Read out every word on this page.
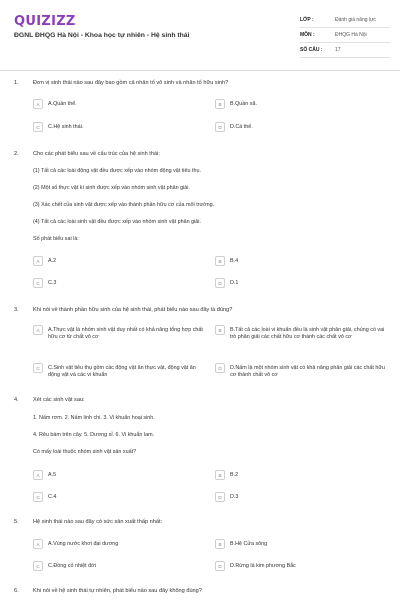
QUIZIZZ
ĐGNL ĐHQG Hà Nội - Khoa học tự nhiên - Hệ sinh thái
LỚP :	Đánh giá năng lực
MÔN :	ĐHQG Hà Nội
SỐ CÂU :	17
1.	Đơn vị sinh thái nào sau đây bao gồm cả nhân tố vô sinh và nhân tố hữu sinh?
A	A.Quần thể.	B	B.Quần xã.
C	C.Hệ sinh thái.	D	D.Cá thể.
2.	Cho các phát biểu sau về cấu trúc của hệ sinh thái:
(1) Tất cả các loài động vật đều được xếp vào nhóm động vật tiêu thụ.
(2) Một số thực vật kí sinh được xếp vào nhóm sinh vật phân giải.
(3) Xác chết của sinh vật được xếp vào thành phần hữu cơ của môi trường.
(4) Tất cả các loài sinh vật đều được xếp vào nhóm sinh vật phân giải.
Số phát biểu sai là:
A	A.2	B	B.4
C	C.3	D	D.1
3.	Khi nói về thành phần hữu sinh của hệ sinh thái, phát biểu nào sau đây là đúng?
A	A.Thực vật là nhóm sinh vật duy nhất có khả năng tổng hợp chất hữu cơ từ chất vô cơ
B	B.Tất cả các loài vi khuẩn đều là sinh vật phân giải, chúng có vai trò phân giải các chất hữu cơ thành các chất vô cơ
C	C.Sinh vật tiêu thụ gồm các động vật ăn thực vật, động vật ăn động vật và các vi khuẩn
D	D.Nấm là một nhóm sinh vật có khả năng phân giải các chất hữu cơ thành chất vô cơ
4.	Xét các sinh vật sau:
1. Nấm rơm. 2. Nấm linh chi. 3. Vi khuẩn hoại sinh.
4. Rêu bám trên cây. 5. Dương xỉ. 6. Vi khuẩn lam.
Có mấy loài thuộc nhóm sinh vật sản xuất?
A	A.5	B	B.2
C	C.4	D	D.3
5.	Hệ sinh thái nào sau đây có sức sản xuất thấp nhất:
A	A.Vùng nước khơi đại dương	B	B.Hệ Cửa sông
C	C.Đồng cỏ nhiệt đới	D	D.Rừng lá kim phương Bắc
6.	Khi nói về hệ sinh thái tự nhiên, phát biểu nào sau đây không đúng?
